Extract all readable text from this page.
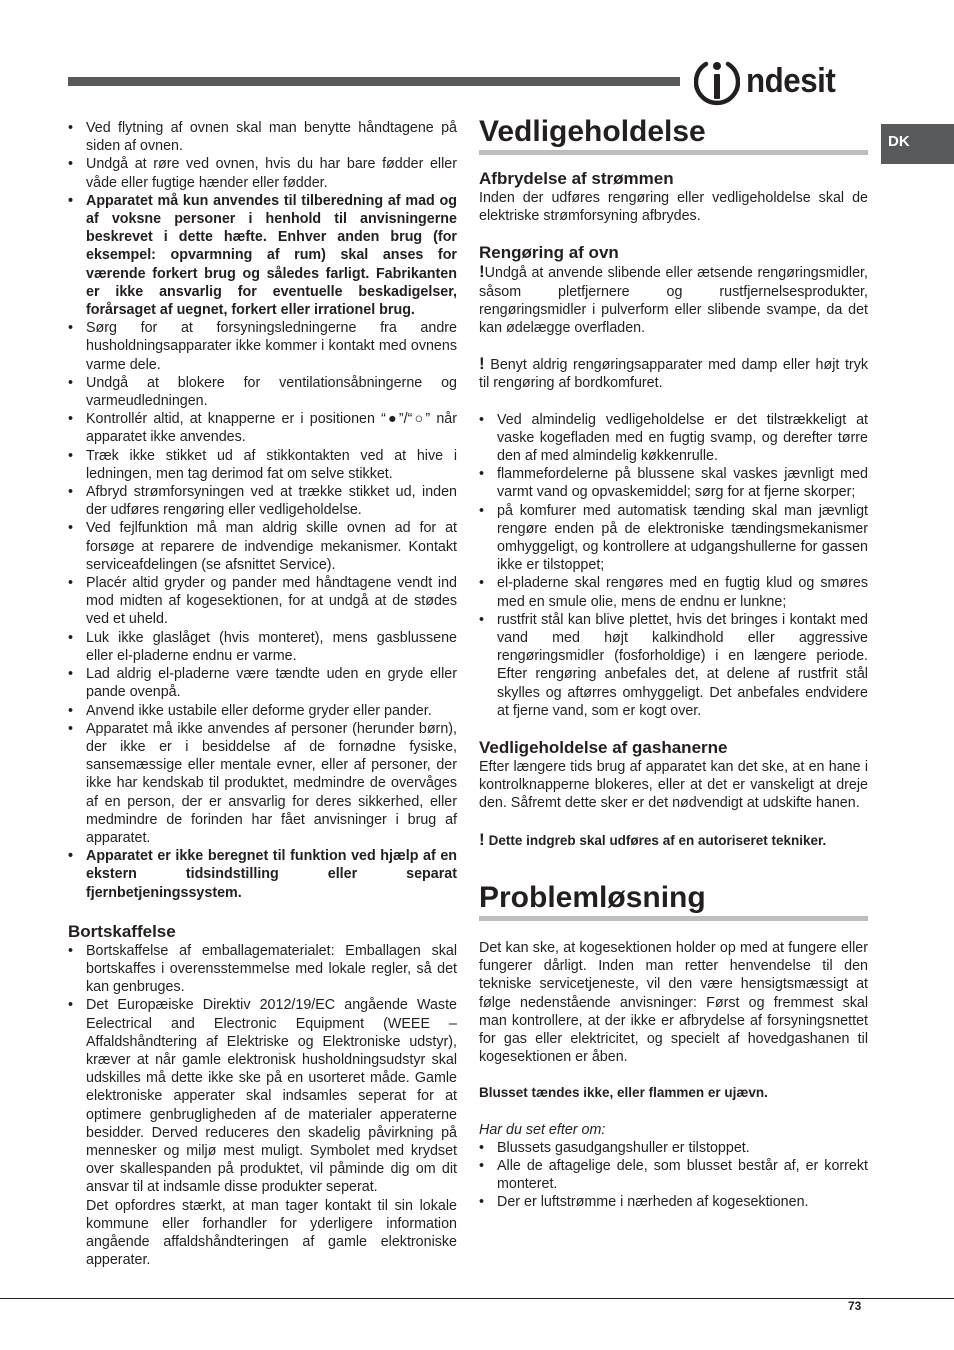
ndesit
DK
• Ved flytning af ovnen skal man benytte håndtagene på siden af ovnen.
• Undgå at røre ved ovnen, hvis du har bare fødder eller våde eller fugtige hænder eller fødder.
• Apparatet må kun anvendes til tilberedning af mad og af voksne personer i henhold til anvisningerne beskrevet i dette hæfte. Enhver anden brug (for eksempel: opvarmning af rum) skal anses for værende forkert brug og således farligt. Fabrikanten er ikke ansvarlig for eventuelle beskadigelser, forårsaget af uegnet, forkert eller irrationel brug.
• Sørg for at forsyningsledningerne fra andre husholdningsapparater ikke kommer i kontakt med ovnens varme dele.
• Undgå at blokere for ventilationsåbningerne og varmeudledningen.
• Kontrollér altid, at knapperne er i positionen “●”/“○” når apparatet ikke anvendes.
• Træk ikke stikket ud af stikkontakten ved at hive i ledningen, men tag derimod fat om selve stikket.
• Afbryd strømforsyningen ved at trække stikket ud, inden der udføres rengøring eller vedligeholdelse.
• Ved fejlfunktion må man aldrig skille ovnen ad for at forsøge at reparere de indvendige mekanismer. Kontakt serviceafdelingen (se afsnittet Service).
• Placér altid gryder og pander med håndtagene vendt ind mod midten af kogesektionen, for at undgå at de stødes ved et uheld.
• Luk ikke glaslåget (hvis monteret), mens gasblussene eller el-pladerne endnu er varme.
• Lad aldrig el-pladerne være tændte uden en gryde eller pande ovenpå.
• Anvend ikke ustabile eller deforme gryder eller pander.
• Apparatet må ikke anvendes af personer (herunder børn), der ikke er i besiddelse af de fornødne fysiske, sansemæssige eller mentale evner, eller af personer, der ikke har kendskab til produktet, medmindre de overvåges af en person, der er ansvarlig for deres sikkerhed, eller medmindre de forinden har fået anvisninger i brug af apparatet.
• Apparatet er ikke beregnet til funktion ved hjælp af en ekstern tidsindstilling eller separat fjernbetjeningssystem.
Bortskaffelse
• Bortskaffelse af emballagematerialet: Emballagen skal bortskaffes i overensstemmelse med lokale regler, så det kan genbruges.
• Det Europæiske Direktiv 2012/19/EC angående Waste Eelectrical and Electronic Equipment (WEEE – Affaldshåndtering af Elektriske og Elektroniske udstyr), kræver at når gamle elektronisk husholdningsudstyr skal udskilles må dette ikke ske på en usorteret måde. Gamle elektroniske apperater skal indsamles seperat for at optimere genbrugligheden af de materialer apperaterne besidder. Derved reduceres den skadelig påvirkning på mennesker og miljø mest muligt. Symbolet med krydset over skallespanden på produktet, vil påminde dig om dit ansvar til at indsamle disse produkter seperat.

Det opfordres stærkt, at man tager kontakt til sin lokale kommune eller forhandler for yderligere information angående affaldshåndteringen af gamle elektroniske apperater.

Vedligeholdelse
Afbrydelse af strømmen

Inden der udføres rengøring eller vedligeholdelse skal de elektriske strømforsyning afbrydes.

Rengøring af ovn

!Undgå at anvende slibende eller ætsende rengøringsmidler, såsom pletfjernere og rustfjernelsesprodukter, rengøringsmidler i pulverform eller slibende svampe, da det kan ødelægge overfladen.

! Benyt aldrig rengøringsapparater med damp eller højt tryk til rengøring af bordkomfuret.

• Ved almindelig vedligeholdelse er det tilstrækkeligt at vaske kogefladen med en fugtig svamp, og derefter tørre den af med almindelig køkkenrulle.
• flammefordelerne på blussene skal vaskes jævnligt med varmt vand og opvaskemiddel; sørg for at fjerne skorper;
• på komfurer med automatisk tænding skal man jævnligt rengøre enden på de elektroniske tændingsmekanismer omhyggeligt, og kontrollere at udgangshullerne for gassen ikke er tilstoppet;
• el-pladerne skal rengøres med en fugtig klud og smøres med en smule olie, mens de endnu er lunkne;
• rustfrit stål kan blive plettet, hvis det bringes i kontakt med vand med højt kalkindhold eller aggressive rengøringsmidler (fosforholdige) i en længere periode. Efter rengøring anbefales det, at delene af rustfrit stål skylles og aftørres omhyggeligt. Det anbefales endvidere at fjerne vand, som er kogt over.
Vedligeholdelse af gashanerne

Efter længere tids brug af apparatet kan det ske, at en hane i kontrolknapperne blokeres, eller at det er vanskeligt at dreje den. Såfremt dette sker er det nødvendigt at udskifte hanen.

! Dette indgreb skal udføres af en autoriseret tekniker.

Problemløsning

Det kan ske, at kogesektionen holder op med at fungere eller fungerer dårligt. Inden man retter henvendelse til den tekniske servicetjeneste, vil den være hensigtsmæssigt at følge nedenstående anvisninger: Først og fremmest skal man kontrollere, at der ikke er afbrydelse af forsyningsnettet for gas eller elektricitet, og specielt af hovedgashanen til kogesektionen er åben.

Blusset tændes ikke, eller flammen er ujævn.

Har du set efter om:

• Blussets gasudgangshuller er tilstoppet.
• Alle de aftagelige dele, som blusset består af, er korrekt monteret.
• Der er luftstrømme i nærheden af kogesektionen.
73
